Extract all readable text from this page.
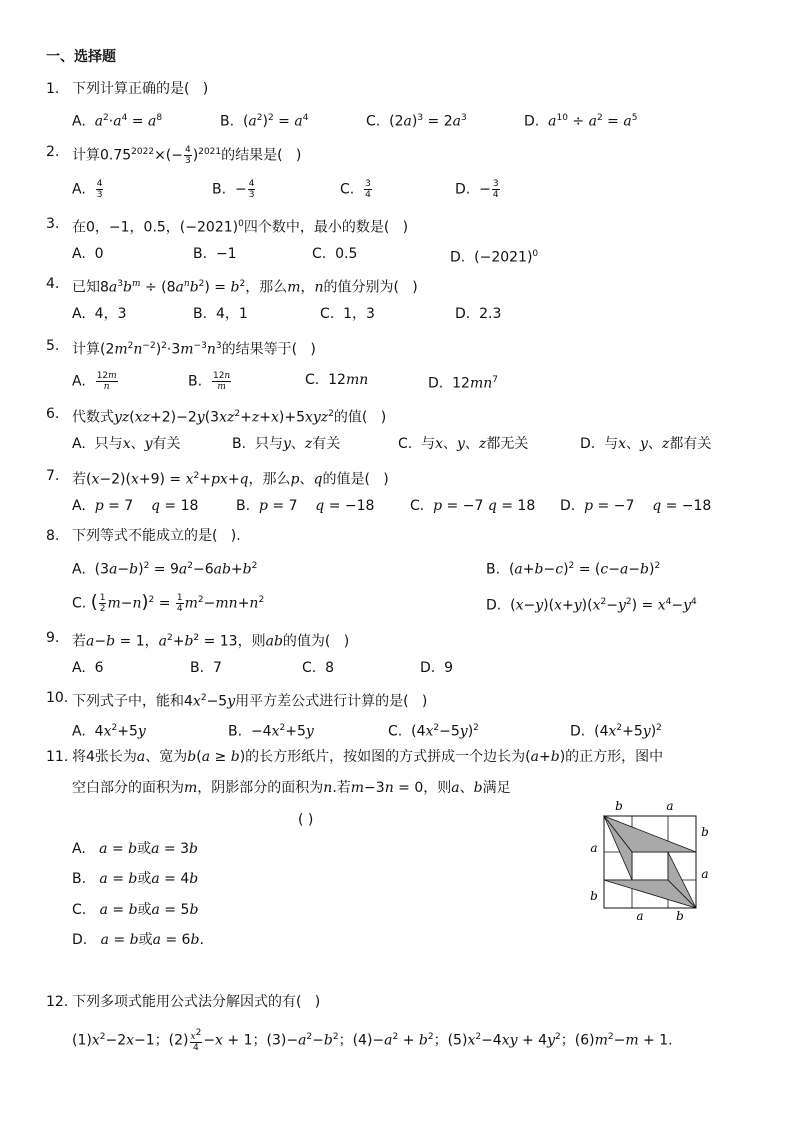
一、选择题
1. 下列计算正确的是(   )
A.  $a^2\cdot a^4 = a^8$	B.  $(a^2)^2 = a^4$	C.  $(2a)^3 = 2a^3$	D.  $a^{10} \div a^2 = a^5$
2. 计算$0.75^{2022}\times(- \frac{4}{3} )^{2021}$的结果是(   )
A. $\frac{4}{3}$	B.  − $\frac{4}{3}$	C. $\frac{3}{4}$	D.  − $\frac{3}{4}$
3. 在0，−1，0.5，$(-2021)^0$四个数中，最小的数是(   )
A.  0	B.  −1	C.  0.5	D.  $(-2021)^0$
4. 已知$8a^3b^m \div (8a^nb^2) = b^2$，那么m，n的值分别为(   )
A.  4，3	B.  4，1	C.  1，3	D.  2.3
5. 计算$(2m^2n^{-2})^2\cdot 3m^{-3}n^3$的结果等于(   )
A. $\frac{12m}{n}$	B. $\frac{12n}{m}$	C.  12mn	D.  $12mn^7$
6. 代数式$yz(xz+2)-2y(3xz^2+z+x)+5xyz^2$的值(   )
A.  只与x、y有关	B.  只与y、z有关	C.  与x、y、z都无关	D.  与x、y、z都有关
7. 若$(x-2)(x+9) = x^2+px+q$，那么p、q的值是(   )
A.  p = 7    q = 18	B.  p = 7    q = −18	C.  p = −7 q = 18 D.  p = −7    q = −18
8. 下列等式不能成立的是(   ).
A.  $(3a-b)^2 = 9a^2-6ab+b^2$	B.  $(a+b-c)^2 = (c-a-b)^2$
C. ( $\frac{1}{2} m-n)^2 = \frac{1}{4} m^2-mn+n^2$	D.  $(x-y)(x+y)(x^2-y^2) = x^4-y^4$
9. 若a−b = 1，$a^2+b^2 = 13$，则ab的值为(   )
A.  6	B.  7	C.  8	D.  9
10. 下列式子中，能和$4x^2-5y$用平方差公式进行计算的是(   )
A.  $4x^2+5y$	B.  $-4x^2+5y$	C.  $(4x^2-5y)^2$	D.  $(4x^2+5y)^2$
11. 将4张长为a、宽为b(a ≥ b)的长方形纸片，按如图的方式拼成一个边长为(a+b)的正方形，图中
空白部分的面积为m，阴影部分的面积为n.若m−3n = 0，则a、b满足
( )
A.   a = b或a = 3b
B.   a = b或a = 4b
C.   a = b或a = 5b
D.   a = b或a = 6b.
b	a
b
a
a
b
a	b
12. 下列多项式能用公式法分解因式的有(   )
$(1)x^2-2x-1$；$(2) \frac{x^2}{4} -x + 1$；$(3)-a^2-b^2$；$(4)-a^2 + b^2$；$(5)x^2-4xy + 4y^2$；$(6)m^2-m + 1$.
